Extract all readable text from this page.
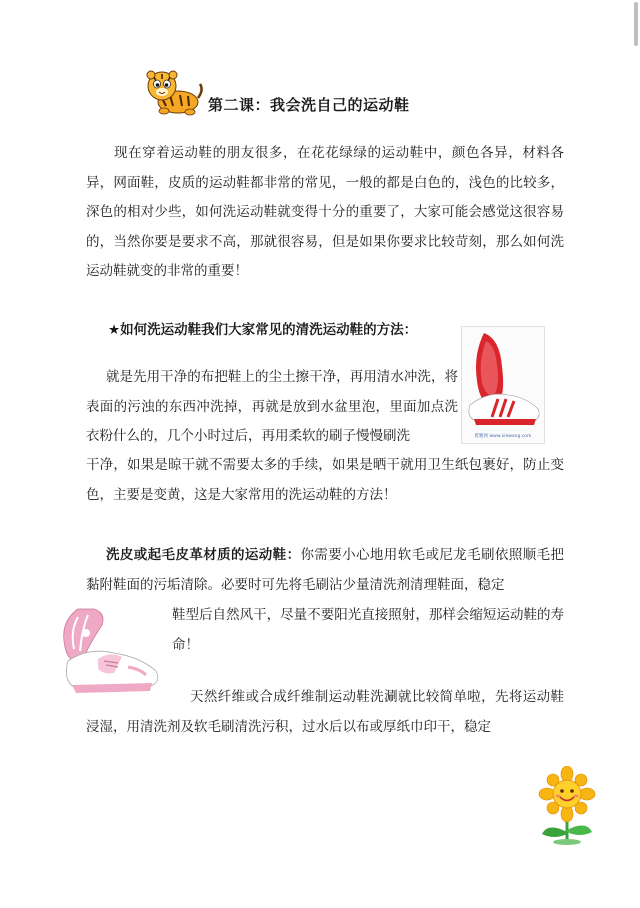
第二课：我会洗自己的运动鞋

现在穿着运动鞋的朋友很多，在花花绿绿的运动鞋中，颜色各异，材料各异，网面鞋，皮质的运动鞋都非常的常见，一般的都是白色的，浅色的比较多，深色的相对少些，如何洗运动鞋就变得十分的重要了，大家可能会感觉这很容易的，当然你要是要求不高，那就很容易，但是如果你要求比较苛刻，那么如何洗运动鞋就变的非常的重要！

★如何洗运动鞋我们大家常见的清洗运动鞋的方法：
鞋靴网 www.xiewang.com

就是先用干净的布把鞋上的尘土擦干净，再用清水冲洗，将表面的污浊的东西冲洗掉，再就是放到水盆里泡，里面加点洗衣粉什么的，几个小时过后，再用柔软的刷子慢慢刷洗

干净，如果是晾干就不需要太多的手续，如果是晒干就用卫生纸包裹好，防止变色，主要是变黄，这是大家常用的洗运动鞋的方法！

洗皮或起毛皮革材质的运动鞋：你需要小心地用软毛或尼龙毛刷依照顺毛把黏附鞋面的污垢清除。必要时可先将毛刷沾少量清洗剂清理鞋面，稳定

鞋型后自然风干，尽量不要阳光直接照射，那样会缩短运动鞋的寿命！

天然纤维或合成纤维制运动鞋洗涮就比较简单啦，先将运动鞋浸湿，用清洗剂及软毛刷清洗污积，过水后以布或厚纸巾印干，稳定
